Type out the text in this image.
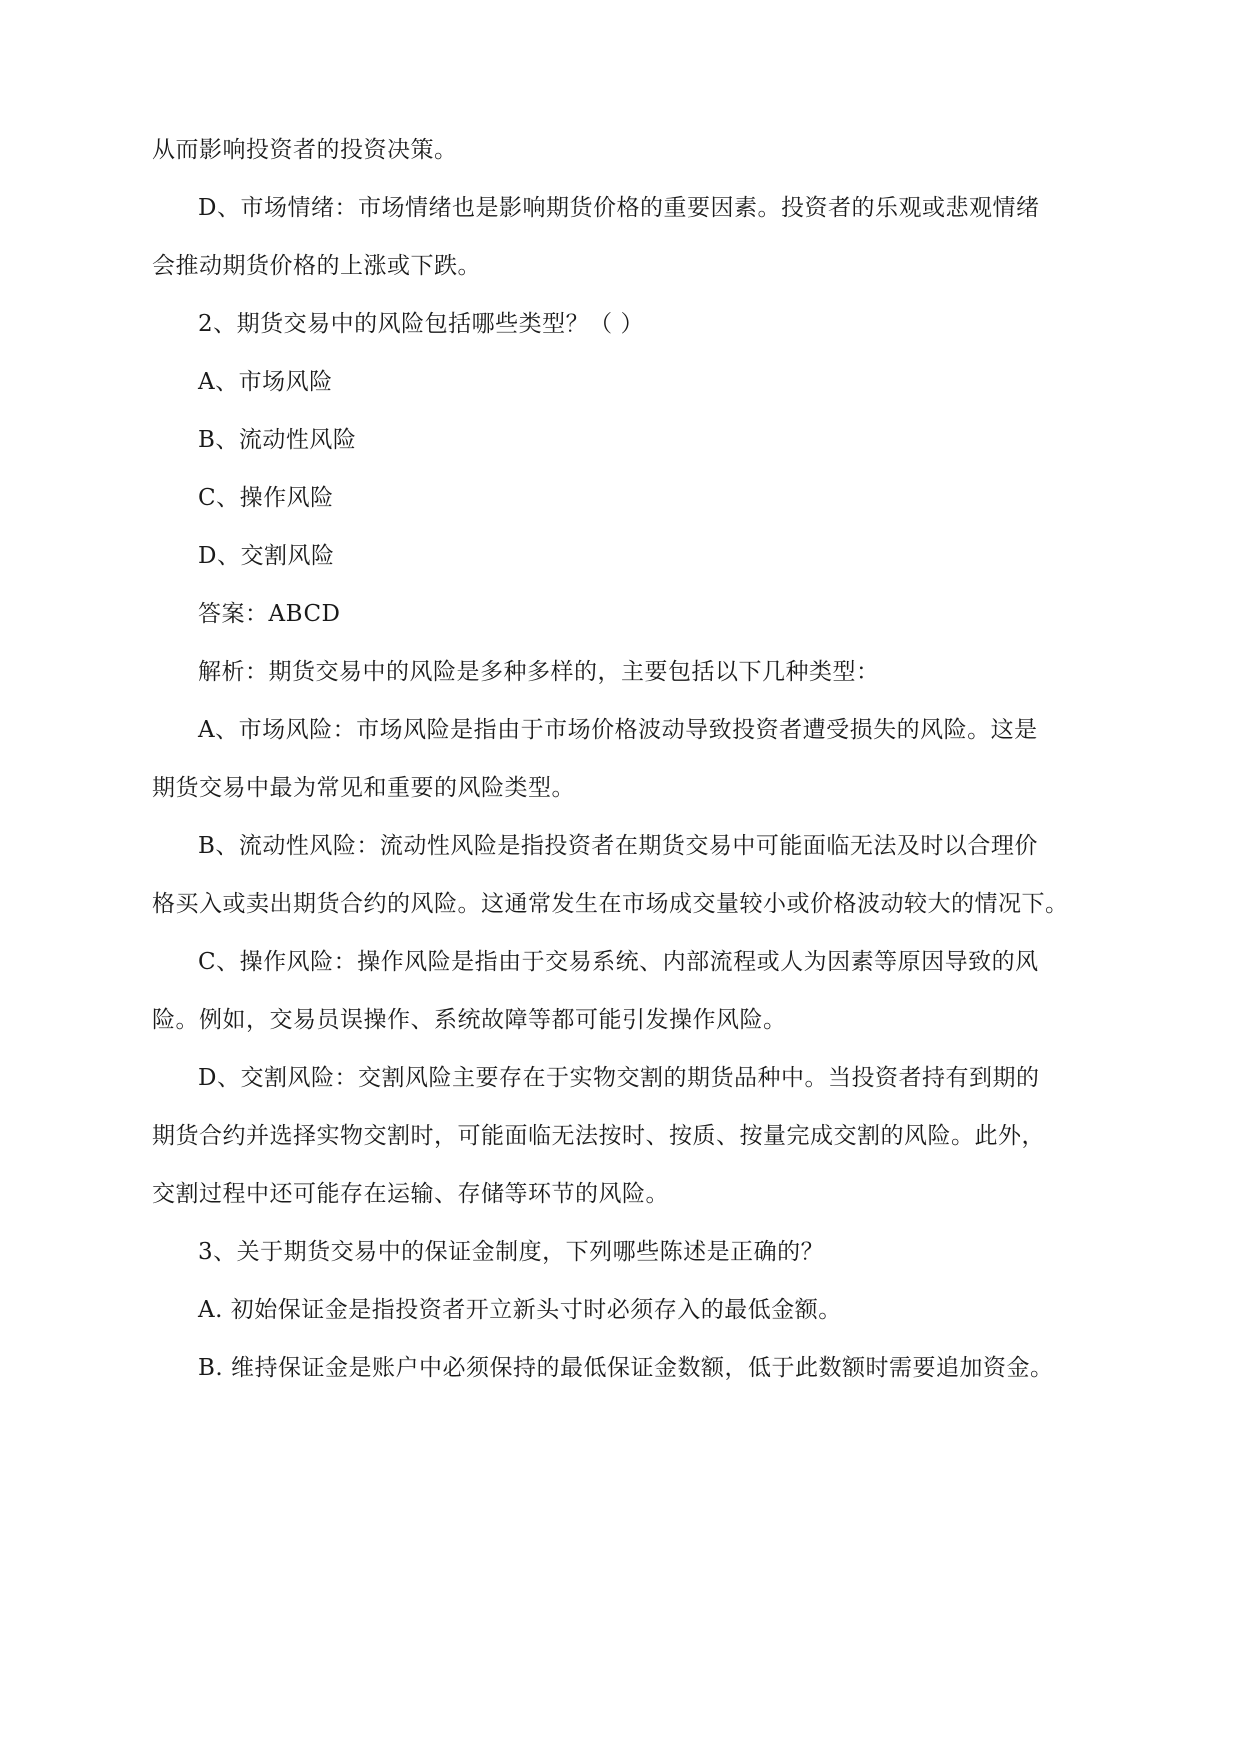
从而影响投资者的投资决策。
D、市场情绪：市场情绪也是影响期货价格的重要因素。投资者的乐观或悲观情绪
会推动期货价格的上涨或下跌。
2、期货交易中的风险包括哪些类型？（ ）
A、市场风险
B、流动性风险
C、操作风险
D、交割风险
答案：ABCD
解析：期货交易中的风险是多种多样的，主要包括以下几种类型：
A、市场风险：市场风险是指由于市场价格波动导致投资者遭受损失的风险。这是
期货交易中最为常见和重要的风险类型。
B、流动性风险：流动性风险是指投资者在期货交易中可能面临无法及时以合理价
格买入或卖出期货合约的风险。这通常发生在市场成交量较小或价格波动较大的情况下。
C、操作风险：操作风险是指由于交易系统、内部流程或人为因素等原因导致的风
险。例如，交易员误操作、系统故障等都可能引发操作风险。
D、交割风险：交割风险主要存在于实物交割的期货品种中。当投资者持有到期的
期货合约并选择实物交割时，可能面临无法按时、按质、按量完成交割的风险。此外，
交割过程中还可能存在运输、存储等环节的风险。
3、关于期货交易中的保证金制度，下列哪些陈述是正确的？
A. 初始保证金是指投资者开立新头寸时必须存入的最低金额。
B. 维持保证金是账户中必须保持的最低保证金数额，低于此数额时需要追加资金。
